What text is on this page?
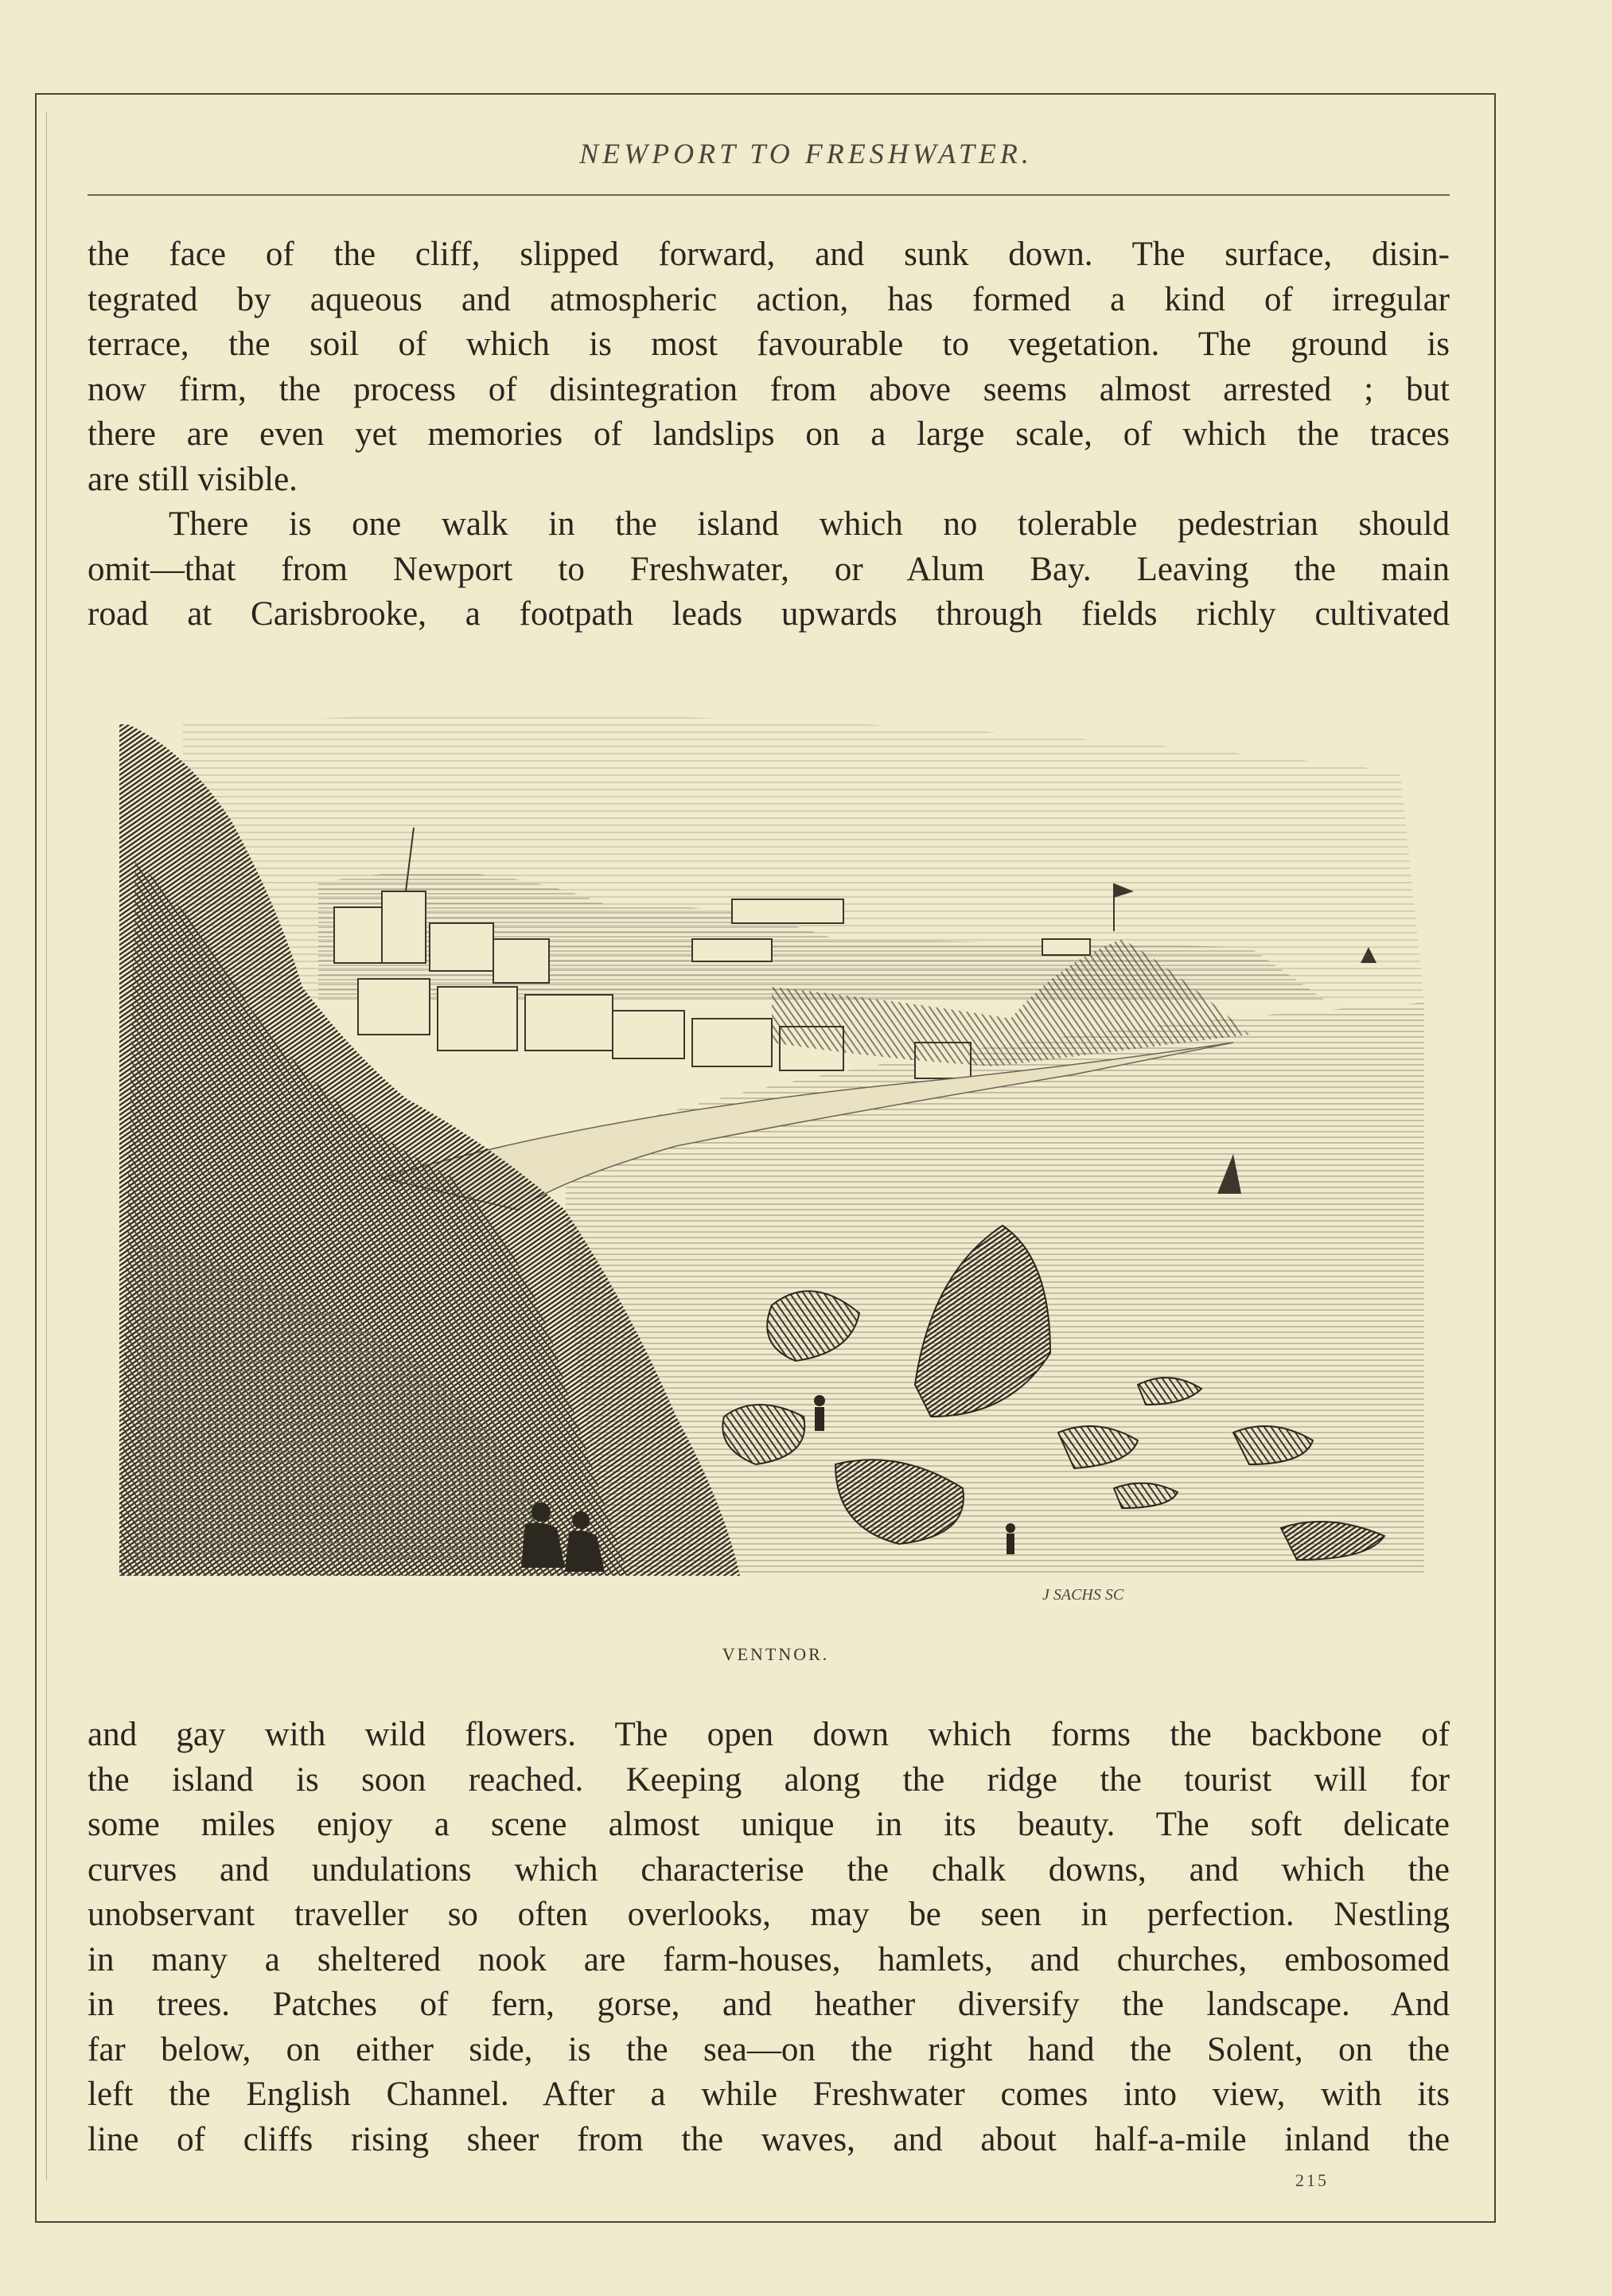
NEWPORT TO FRESHWATER.
the face of the cliff, slipped forward, and sunk down. The surface, disin-
tegrated by aqueous and atmospheric action, has formed a kind of irregular
terrace, the soil of which is most favourable to vegetation. The ground is
now firm, the process of disintegration from above seems almost arrested ; but
there are even yet memories of landslips on a large scale, of which the traces
are still visible.
There is one walk in the island which no tolerable pedestrian should
omit—that from Newport to Freshwater, or Alum Bay. Leaving the main
road at Carisbrooke, a footpath leads upwards through fields richly cultivated
J SACHS SC
VENTNOR.
and gay with wild flowers. The open down which forms the backbone of
the island is soon reached. Keeping along the ridge the tourist will for
some miles enjoy a scene almost unique in its beauty. The soft delicate
curves and undulations which characterise the chalk downs, and which the
unobservant traveller so often overlooks, may be seen in perfection. Nestling
in many a sheltered nook are farm-houses, hamlets, and churches, embosomed
in trees. Patches of fern, gorse, and heather diversify the landscape. And
far below, on either side, is the sea—on the right hand the Solent, on the
left the English Channel. After a while Freshwater comes into view, with its
line of cliffs rising sheer from the waves, and about half-a-mile inland the
215
